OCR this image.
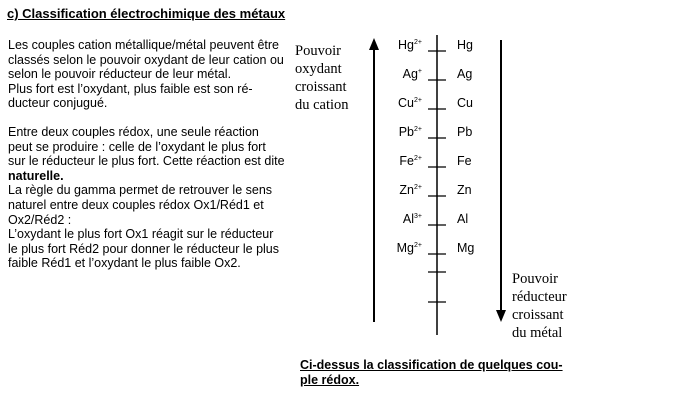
c) Classification électrochimique des métaux
Les couples cation métallique/métal peuvent être
classés selon le pouvoir oxydant de leur cation ou
selon le pouvoir réducteur de leur métal.
Plus fort est l’oxydant, plus faible est son ré-
ducteur conjugué.
Entre deux couples rédox, une seule réaction
peut se produire : celle de l’oxydant le plus fort
sur le réducteur le plus fort. Cette réaction est dite
naturelle.
La règle du gamma permet de retrouver le sens
naturel entre deux couples rédox Ox1/Réd1 et
Ox2/Réd2 :
L’oxydant le plus fort Ox1 réagit sur le réducteur
le plus fort Réd2 pour donner le réducteur le plus
faible Réd1 et l’oxydant le plus faible Ox2.
Pouvoir
oxydant
croissant
du cation
Pouvoir
réducteur
croissant
du métal
$Hg^{2+}$	Hg
Ag+	Ag
$Cu^{2+}$	Cu
$Pb^{2+}$	Pb
$Fe^{2+}$	Fe
$Zn^{2+}$	Zn
$Al^{3+}$	Al
$Mg^{2+}$	Mg
Ci-dessus la classification de quelques cou-
ple rédox.
